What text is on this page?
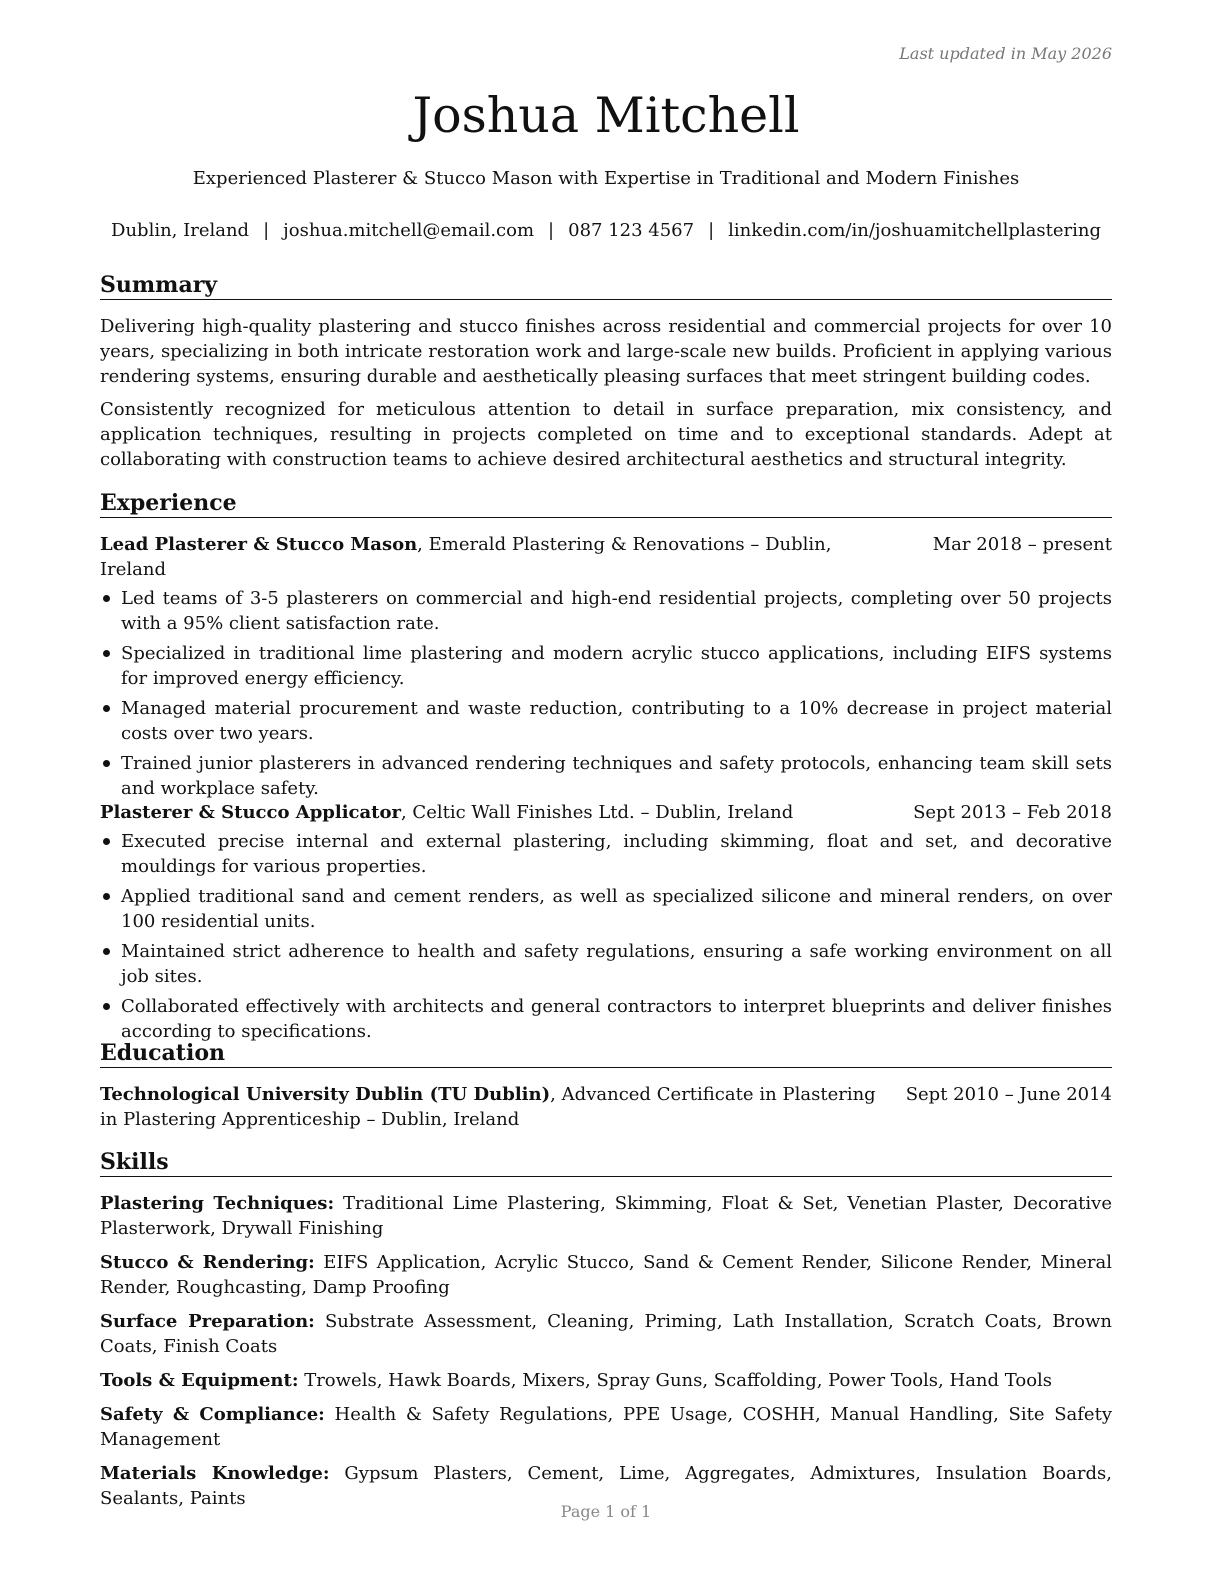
Last updated in May 2026
Joshua Mitchell
Experienced Plasterer & Stucco Mason with Expertise in Traditional and Modern Finishes
Dublin, Ireland | joshua.mitchell@email.com | 087 123 4567 | linkedin.com/in/joshuamitchellplastering
Summary

Delivering high-quality plastering and stucco finishes across residential and commercial projects for over 10 years, specializing in both intricate restoration work and large-scale new builds. Proficient in applying various rendering systems, ensuring durable and aesthetically pleasing surfaces that meet stringent building codes.

Consistently recognized for meticulous attention to detail in surface preparation, mix consistency, and application techniques, resulting in projects completed on time and to exceptional standards. Adept at collaborating with construction teams to achieve desired architectural aesthetics and structural integrity.

Experience
Lead Plasterer & Stucco Mason, Emerald Plastering & Renovations – Dublin, Ireland
Mar 2018 – present
Led teams of 3-5 plasterers on commercial and high-end residential projects, completing over 50 projects with a 95% client satisfaction rate.
Specialized in traditional lime plastering and modern acrylic stucco applications, including EIFS systems for improved energy efficiency.
Managed material procurement and waste reduction, contributing to a 10% decrease in project material costs over two years.
Trained junior plasterers in advanced rendering techniques and safety protocols, enhancing team skill sets and workplace safety.
Plasterer & Stucco Applicator, Celtic Wall Finishes Ltd. – Dublin, Ireland	Sept 2013 – Feb 2018
Executed precise internal and external plastering, including skimming, float and set, and decorative mouldings for various properties.
Applied traditional sand and cement renders, as well as specialized silicone and mineral renders, on over 100 residential units.
Maintained strict adherence to health and safety regulations, ensuring a safe working environment on all job sites.
Collaborated effectively with architects and general contractors to interpret blueprints and deliver finishes according to specifications.
Education
Technological University Dublin (TU Dublin), Advanced Certificate in Plastering in Plastering Apprenticeship – Dublin, Ireland
Sept 2010 – June 2014
Skills
Plastering Techniques: Traditional Lime Plastering, Skimming, Float & Set, Venetian Plaster, Decorative Plasterwork, Drywall Finishing
Stucco & Rendering: EIFS Application, Acrylic Stucco, Sand & Cement Render, Silicone Render, Mineral Render, Roughcasting, Damp Proofing
Surface Preparation: Substrate Assessment, Cleaning, Priming, Lath Installation, Scratch Coats, Brown Coats, Finish Coats
Tools & Equipment: Trowels, Hawk Boards, Mixers, Spray Guns, Scaffolding, Power Tools, Hand Tools
Safety & Compliance: Health & Safety Regulations, PPE Usage, COSHH, Manual Handling, Site Safety Management
Materials Knowledge: Gypsum Plasters, Cement, Lime, Aggregates, Admixtures, Insulation Boards, Sealants, Paints
Page 1 of 1
